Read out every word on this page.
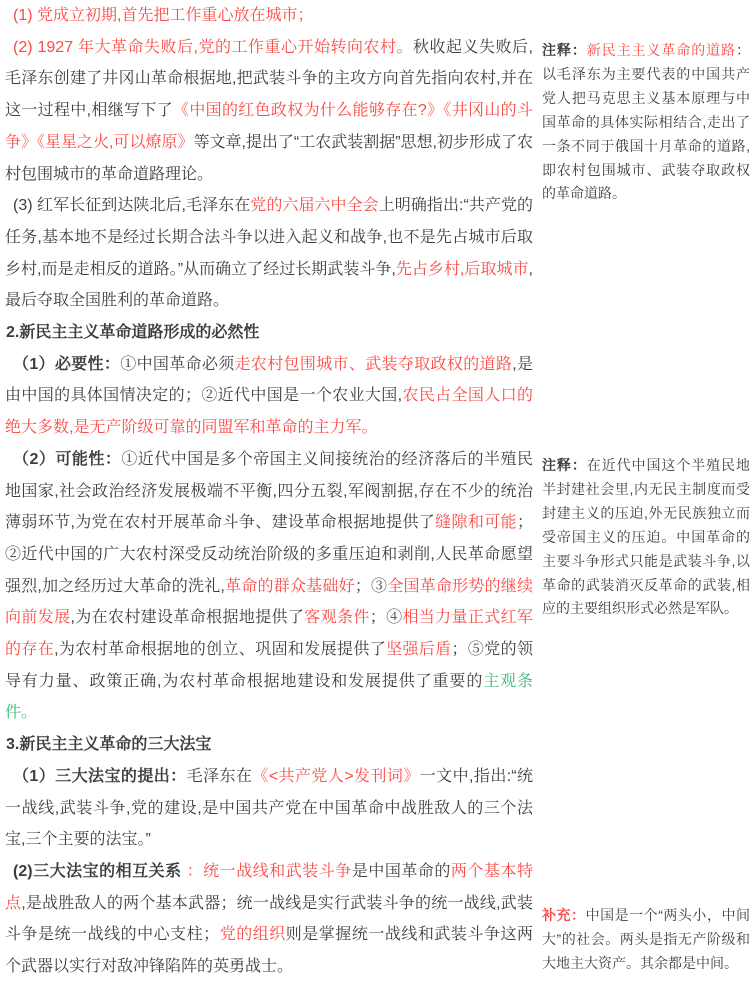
(1) 党成立初期,首先把工作重心放在城市；

(2) 1927 年大革命失败后,党的工作重心开始转向农村。秋收起义失败后,毛泽东创建了井冈山革命根据地,把武装斗争的主攻方向首先指向农村,并在这一过程中,相继写下了《中国的红色政权为什么能够存在?》《井冈山的斗争》《星星之火,可以燎原》等文章,提出了“工农武装割据”思想,初步形成了农村包围城市的革命道路理论。

(3) 红军长征到达陕北后,毛泽东在党的六届六中全会上明确指出:“共产党的任务,基本地不是经过长期合法斗争以进入起义和战争,也不是先占城市后取乡村,而是走相反的道路。”从而确立了经过长期武装斗争,先占乡村,后取城市,最后夺取全国胜利的革命道路。

2.新民主主义革命道路形成的必然性

（1）必要性：①中国革命必须走农村包围城市、武装夺取政权的道路,是由中国的具体国情决定的；②近代中国是一个农业大国,农民占全国人口的绝大多数,是无产阶级可靠的同盟军和革命的主力军。

（2）可能性：①近代中国是多个帝国主义间接统治的经济落后的半殖民地国家,社会政治经济发展极端不平衡,四分五裂,军阀割据,存在不少的统治薄弱环节,为党在农村开展革命斗争、建设革命根据地提供了缝隙和可能；②近代中国的广大农村深受反动统治阶级的多重压迫和剥削,人民革命愿望强烈,加之经历过大革命的洗礼,革命的群众基础好；③全国革命形势的继续向前发展,为在农村建设革命根据地提供了客观条件；④相当力量正式红军的存在,为农村革命根据地的创立、巩固和发展提供了坚强后盾；⑤党的领导有力量、政策正确,为农村革命根据地建设和发展提供了重要的主观条件。

3.新民主主义革命的三大法宝

（1）三大法宝的提出：毛泽东在《<共产党人>发刊词》一文中,指出:“统一战线,武装斗争,党的建设,是中国共产党在中国革命中战胜敌人的三个法宝,三个主要的法宝。”

(2)三大法宝的相互关系 ：统一战线和武装斗争是中国革命的两个基本特点,是战胜敌人的两个基本武器；统一战线是实行武装斗争的统一战线,武装斗争是统一战线的中心支柱；党的组织则是掌握统一战线和武装斗争这两个武器以实行对敌冲锋陷阵的英勇战士。

注释：新民主主义革命的道路：以毛泽东为主要代表的中国共产党人把马克思主义基本原理与中国革命的具体实际相结合,走出了一条不同于俄国十月革命的道路,即农村包围城市、武装夺取政权的革命道路。

注释：在近代中国这个半殖民地半封建社会里,内无民主制度而受封建主义的压迫,外无民族独立而受帝国主义的压迫。中国革命的主要斗争形式只能是武装斗争,以革命的武装消灭反革命的武装,相应的主要组织形式必然是军队。

补充：中国是一个“两头小，中间大”的社会。两头是指无产阶级和大地主大资产。其余都是中间。
